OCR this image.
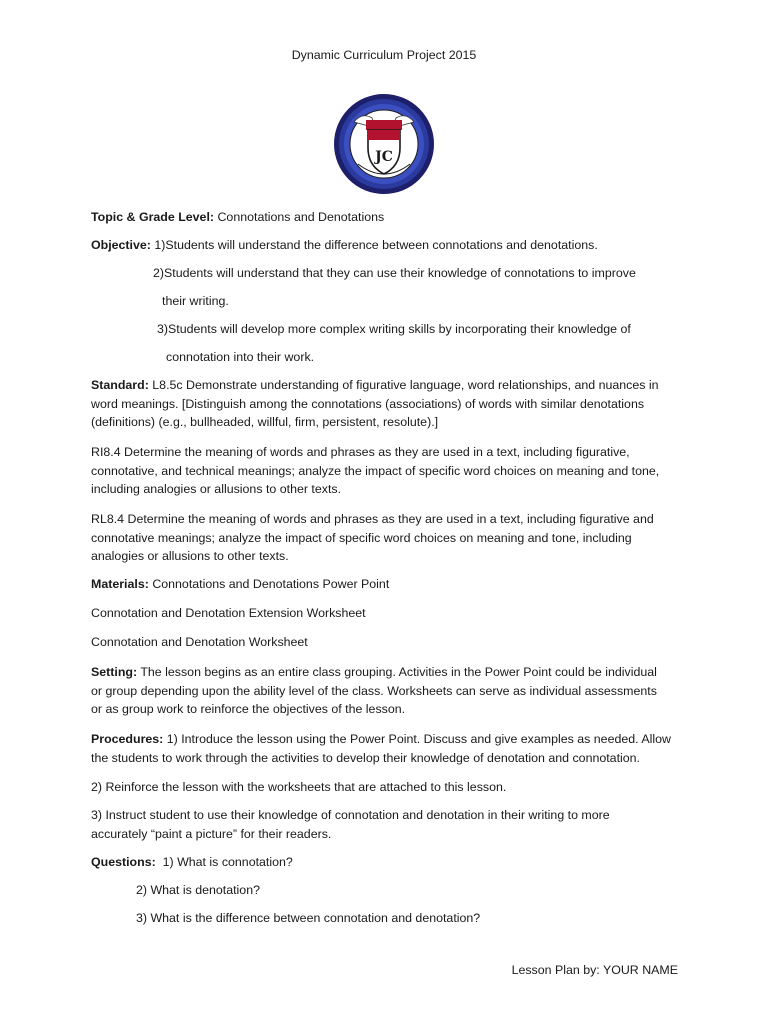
Dynamic Curriculum Project 2015
JC

Topic & Grade Level: Connotations and Denotations

Objective: 1)Students will understand the difference between connotations and denotations.

2)Students will understand that they can use their knowledge of connotations to improve
their writing.
3)Students will develop more complex writing skills by incorporating their knowledge of
connotation into their work.

Standard: L8.5c Demonstrate understanding of figurative language, word relationships, and nuances in

word meanings. [Distinguish among the connotations (associations) of words with similar denotations

(definitions) (e.g., bullheaded, willful, firm, persistent, resolute).]

RI8.4 Determine the meaning of words and phrases as they are used in a text, including figurative,

connotative, and technical meanings; analyze the impact of specific word choices on meaning and tone,

including analogies or allusions to other texts.

RL8.4 Determine the meaning of words and phrases as they are used in a text, including figurative and

connotative meanings; analyze the impact of specific word choices on meaning and tone, including

analogies or allusions to other texts.

Materials: Connotations and Denotations Power Point

Connotation and Denotation Extension Worksheet
Connotation and Denotation Worksheet

Setting: The lesson begins as an entire class grouping. Activities in the Power Point could be individual

or group depending upon the ability level of the class. Worksheets can serve as individual assessments

or as group work to reinforce the objectives of the lesson.

Procedures: 1) Introduce the lesson using the Power Point. Discuss and give examples as needed. Allow

the students to work through the activities to develop their knowledge of denotation and connotation.

2) Reinforce the lesson with the worksheets that are attached to this lesson.

3) Instruct student to use their knowledge of connotation and denotation in their writing to more

accurately “paint a picture” for their readers.

Questions: 1) What is connotation?

2) What is denotation?
3) What is the difference between connotation and denotation?
Lesson Plan by: YOUR NAME
